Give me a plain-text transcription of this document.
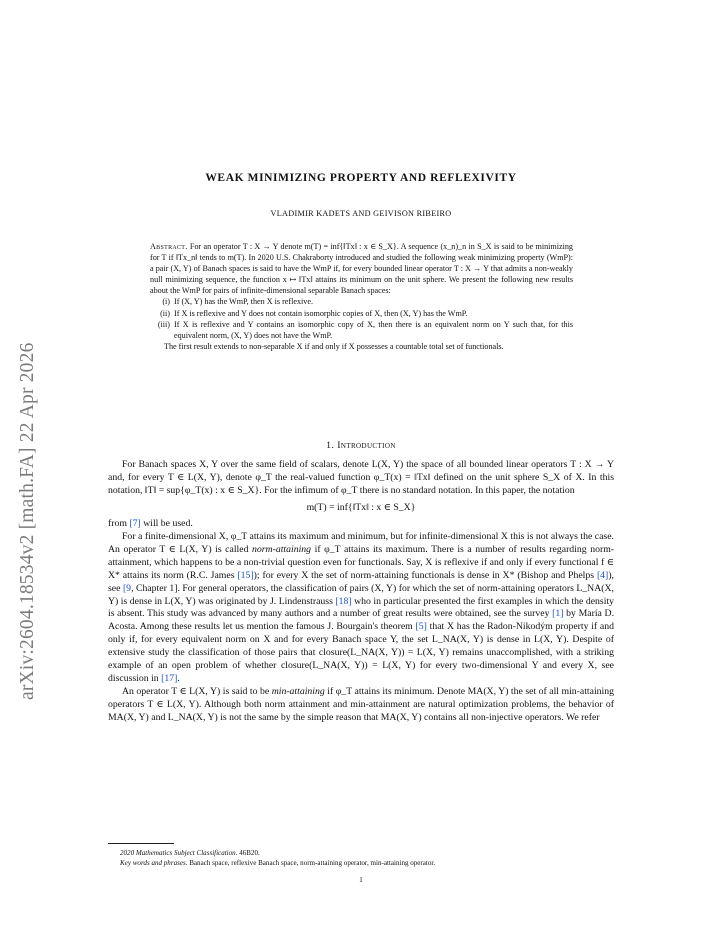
arXiv:2604.18534v2 [math.FA] 22 Apr 2026
WEAK MINIMIZING PROPERTY AND REFLEXIVITY
VLADIMIR KADETS AND GEIVISON RIBEIRO

Abstract. For an operator T : X → Y denote m(T) = inf{‖Tx‖ : x ∈ S_X}. A sequence (x_n)_n in S_X is said to be minimizing for T if ‖Tx_n‖ tends to m(T). In 2020 U.S. Chakraborty introduced and studied the following weak minimizing property (WmP): a pair (X, Y) of Banach spaces is said to have the WmP if, for every bounded linear operator T : X → Y that admits a non-weakly null minimizing sequence, the function x ↦ ‖Tx‖ attains its minimum on the unit sphere. We present the following new results about the WmP for pairs of infinite-dimensional separable Banach spaces:

(i) If (X, Y) has the WmP, then X is reflexive.
(ii) If X is reflexive and Y does not contain isomorphic copies of X, then (X, Y) has the WmP.
(iii) If X is reflexive and Y contains an isomorphic copy of X, then there is an equivalent norm on Y such that, for this equivalent norm, (X, Y) does not have the WmP.

The first result extends to non-separable X if and only if X possesses a countable total set of functionals.

1. Introduction

For Banach spaces X, Y over the same field of scalars, denote L(X, Y) the space of all bounded linear operators T : X → Y and, for every T ∈ L(X, Y), denote φ_T the real-valued function φ_T(x) = ‖Tx‖ defined on the unit sphere S_X of X. In this notation, ‖T‖ = sup{φ_T(x) : x ∈ S_X}. For the infimum of φ_T there is no standard notation. In this paper, the notation

m(T) = inf{‖Tx‖ : x ∈ S_X}

from [7] will be used.

For a finite-dimensional X, φ_T attains its maximum and minimum, but for infinite-dimensional X this is not always the case. An operator T ∈ L(X, Y) is called norm-attaining if φ_T attains its maximum. There is a number of results regarding norm-attainment, which happens to be a non-trivial question even for functionals. Say, X is reflexive if and only if every functional f ∈ X* attains its norm (R.C. James [15]); for every X the set of norm-attaining functionals is dense in X* (Bishop and Phelps [4]), see [9, Chapter 1]. For general operators, the classification of pairs (X, Y) for which the set of norm-attaining operators L_NA(X, Y) is dense in L(X, Y) was originated by J. Lindenstrauss [18] who in particular presented the first examples in which the density is absent. This study was advanced by many authors and a number of great results were obtained, see the survey [1] by María D. Acosta. Among these results let us mention the famous J. Bourgain's theorem [5] that X has the Radon-Nikodým property if and only if, for every equivalent norm on X and for every Banach space Y, the set L_NA(X, Y) is dense in L(X, Y). Despite of extensive study the classification of those pairs that closure(L_NA(X, Y)) = L(X, Y) remains unaccomplished, with a striking example of an open problem of whether closure(L_NA(X, Y)) = L(X, Y) for every two-dimensional Y and every X, see discussion in [17].

An operator T ∈ L(X, Y) is said to be min-attaining if φ_T attains its minimum. Denote MA(X, Y) the set of all min-attaining operators T ∈ L(X, Y). Although both norm attainment and min-attainment are natural optimization problems, the behavior of MA(X, Y) and L_NA(X, Y) is not the same by the simple reason that MA(X, Y) contains all non-injective operators. We refer

2020 Mathematics Subject Classification. 46B20.

Key words and phrases. Banach space, reflexive Banach space, norm-attaining operator, min-attaining operator.

1
